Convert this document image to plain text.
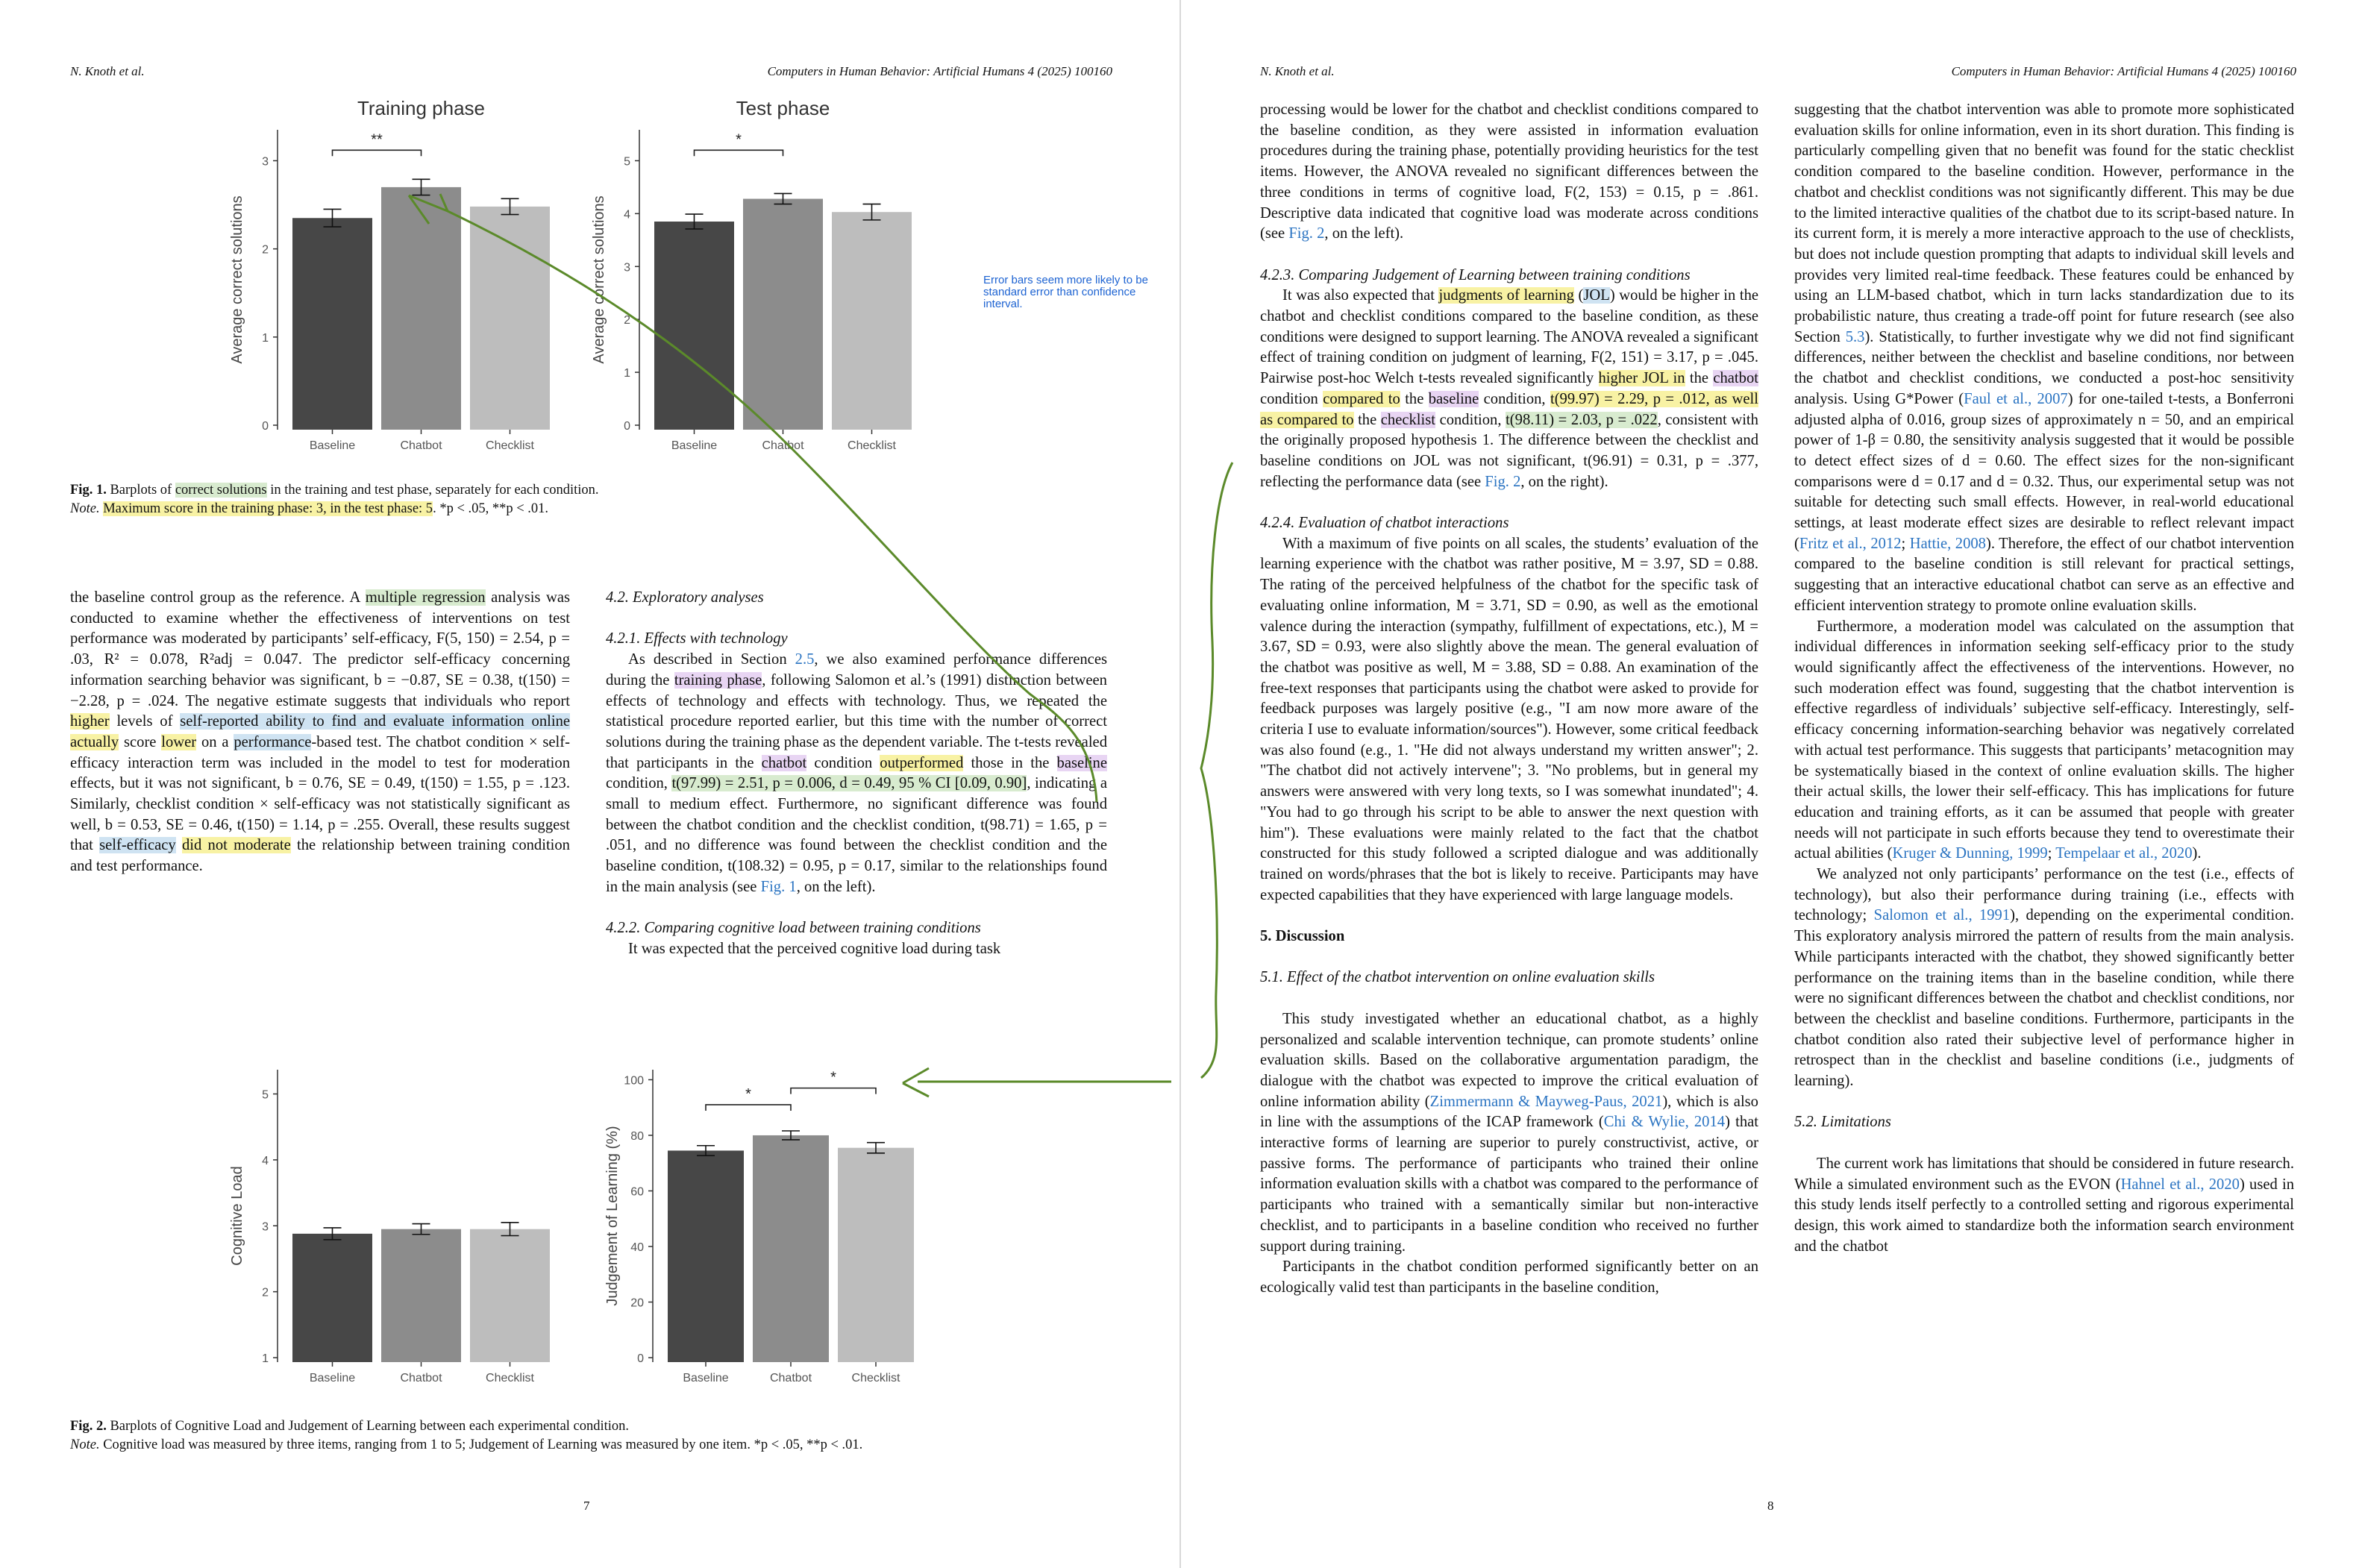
N. Knoth et al.	Computers in Human Behavior: Artificial Humans 4 (2025) 100160
Training phase
Average correct solutions
0
1
2
3
Baseline	Chatbot	Checklist
**
Test phase
Average correct solutions
0
1
2
3
4
5
Baseline	Chatbot	Checklist
*
Cognitive Load
1
2
3
4
5
Baseline	Chatbot	Checklist
Judgement of Learning (%)
0
20
40
60
80
100
Baseline	Chatbot	Checklist
*
*
Error bars seem more likely to be standard error than confidence interval.
Fig. 1. Barplots of correct solutions in the training and test phase, separately for each condition.
Note. Maximum score in the training phase: 3, in the test phase: 5. *p < .05, **p < .01.

the baseline control group as the reference. A multiple regression analysis was conducted to examine whether the effectiveness of interventions on test performance was moderated by participants’ self-efficacy, F(5, 150) = 2.54, p = .03, R² = 0.078, R²adj = 0.047. The predictor self-efficacy concerning information searching behavior was significant, b = −0.87, SE = 0.38, t(150) = −2.28, p = .024. The negative estimate suggests that individuals who report higher levels of self-reported ability to find and evaluate information online actually score lower on a performance-based test. The chatbot condition × self-efficacy interaction term was included in the model to test for moderation effects, but it was not significant, b = 0.76, SE = 0.49, t(150) = 1.55, p = .123. Similarly, checklist condition × self-efficacy was not statistically significant as well, b = 0.53, SE = 0.46, t(150) = 1.14, p = .255. Overall, these results suggest that self-efficacy did not moderate the relationship between training condition and test performance.

4.2. Exploratory analyses

4.2.1. Effects with technology

As described in Section 2.5, we also examined performance differences during the training phase, following Salomon et al.’s (1991) distinction between effects of technology and effects with technology. Thus, we repeated the statistical procedure reported earlier, but this time with the number of correct solutions during the training phase as the dependent variable. The t-tests revealed that participants in the chatbot condition outperformed those in the baseline condition, t(97.99) = 2.51, p = 0.006, d = 0.49, 95 % CI [0.09, 0.90], indicating a small to medium effect. Furthermore, no significant difference was found between the chatbot condition and the checklist condition, t(98.71) = 1.65, p = .051, and no difference was found between the checklist condition and the baseline condition, t(108.32) = 0.95, p = 0.17, similar to the relationships found in the main analysis (see Fig. 1, on the left).

4.2.2. Comparing cognitive load between training conditions

It was expected that the perceived cognitive load during task

Fig. 2. Barplots of Cognitive Load and Judgement of Learning between each experimental condition.
Note. Cognitive load was measured by three items, ranging from 1 to 5; Judgement of Learning was measured by one item. *p < .05, **p < .01.
7
N. Knoth et al.	Computers in Human Behavior: Artificial Humans 4 (2025) 100160

processing would be lower for the chatbot and checklist conditions compared to the baseline condition, as they were assisted in information evaluation procedures during the training phase, potentially providing heuristics for the test items. However, the ANOVA revealed no significant differences between the three conditions in terms of cognitive load, F(2, 153) = 0.15, p = .861. Descriptive data indicated that cognitive load was moderate across conditions (see Fig. 2, on the left).

4.2.3. Comparing Judgement of Learning between training conditions

It was also expected that judgments of learning (JOL) would be higher in the chatbot and checklist conditions compared to the baseline condition, as these conditions were designed to support learning. The ANOVA revealed a significant effect of training condition on judgment of learning, F(2, 151) = 3.17, p = .045. Pairwise post-hoc Welch t-tests revealed significantly higher JOL in the chatbot condition compared to the baseline condition, t(99.97) = 2.29, p = .012, as well as compared to the checklist condition, t(98.11) = 2.03, p = .022, consistent with the originally proposed hypothesis 1. The difference between the checklist and baseline conditions on JOL was not significant, t(96.91) = 0.31, p = .377, reflecting the performance data (see Fig. 2, on the right).

4.2.4. Evaluation of chatbot interactions

With a maximum of five points on all scales, the students’ evaluation of the learning experience with the chatbot was rather positive, M = 3.97, SD = 0.88. The rating of the perceived helpfulness of the chatbot for the specific task of evaluating online information, M = 3.71, SD = 0.90, as well as the emotional valence during the interaction (sympathy, fulfillment of expectations, etc.), M = 3.67, SD = 0.93, were also slightly above the mean. The general evaluation of the chatbot was positive as well, M = 3.88, SD = 0.88. An examination of the free-text responses that participants using the chatbot were asked to provide for feedback purposes was largely positive (e.g., "I am now more aware of the criteria I use to evaluate information/sources"). However, some critical feedback was also found (e.g., 1. "He did not always understand my written answer"; 2. "The chatbot did not actively intervene"; 3. "No problems, but in general my answers were answered with very long texts, so I was somewhat inundated"; 4. "You had to go through his script to be able to answer the next question with him"). These evaluations were mainly related to the fact that the chatbot constructed for this study followed a scripted dialogue and was additionally trained on words/phrases that the bot is likely to receive. Participants may have expected capabilities that they have experienced with large language models.

5. Discussion

5.1. Effect of the chatbot intervention on online evaluation skills

This study investigated whether an educational chatbot, as a highly personalized and scalable intervention technique, can promote students’ online evaluation skills. Based on the collaborative argumentation paradigm, the dialogue with the chatbot was expected to improve the critical evaluation of online information ability (Zimmermann & Mayweg-Paus, 2021), which is also in line with the assumptions of the ICAP framework (Chi & Wylie, 2014) that interactive forms of learning are superior to purely constructivist, active, or passive forms. The performance of participants who trained their online information evaluation skills with a chatbot was compared to the performance of participants who trained with a semantically similar but non-interactive checklist, and to participants in a baseline condition who received no further support during training.

Participants in the chatbot condition performed significantly better on an ecologically valid test than participants in the baseline condition,

suggesting that the chatbot intervention was able to promote more sophisticated evaluation skills for online information, even in its short duration. This finding is particularly compelling given that no benefit was found for the static checklist condition compared to the baseline condition. However, performance in the chatbot and checklist conditions was not significantly different. This may be due to the limited interactive qualities of the chatbot due to its script-based nature. In its current form, it is merely a more interactive approach to the use of checklists, but does not include question prompting that adapts to individual skill levels and provides very limited real-time feedback. These features could be enhanced by using an LLM-based chatbot, which in turn lacks standardization due to its probabilistic nature, thus creating a trade-off point for future research (see also Section 5.3). Statistically, to further investigate why we did not find significant differences, neither between the checklist and baseline conditions, nor between the chatbot and checklist conditions, we conducted a post-hoc sensitivity analysis. Using G*Power (Faul et al., 2007) for one-tailed t-tests, a Bonferroni adjusted alpha of 0.016, group sizes of approximately n = 50, and an empirical power of 1-β = 0.80, the sensitivity analysis suggested that it would be possible to detect effect sizes of d = 0.60. The effect sizes for the non-significant comparisons were d = 0.17 and d = 0.32. Thus, our experimental setup was not suitable for detecting such small effects. However, in real-world educational settings, at least moderate effect sizes are desirable to reflect relevant impact (Fritz et al., 2012; Hattie, 2008). Therefore, the effect of our chatbot intervention compared to the baseline condition is still relevant for practical settings, suggesting that an interactive educational chatbot can serve as an effective and efficient intervention strategy to promote online evaluation skills.

Furthermore, a moderation model was calculated on the assumption that individual differences in information seeking self-efficacy prior to the study would significantly affect the effectiveness of the interventions. However, no such moderation effect was found, suggesting that the chatbot intervention is effective regardless of individuals’ subjective self-efficacy. Interestingly, self-efficacy concerning information-searching behavior was negatively correlated with actual test performance. This suggests that participants’ metacognition may be systematically biased in the context of online evaluation skills. The higher their actual skills, the lower their self-efficacy. This has implications for future education and training efforts, as it can be assumed that people with greater needs will not participate in such efforts because they tend to overestimate their actual abilities (Kruger & Dunning, 1999; Tempelaar et al., 2020).

We analyzed not only participants’ performance on the test (i.e., effects of technology), but also their performance during training (i.e., effects with technology; Salomon et al., 1991), depending on the experimental condition. This exploratory analysis mirrored the pattern of results from the main analysis. While participants interacted with the chatbot, they showed significantly better performance on the training items than in the baseline condition, while there were no significant differences between the chatbot and checklist conditions, nor between the checklist and baseline conditions. Furthermore, participants in the chatbot condition also rated their subjective level of performance higher in retrospect than in the checklist and baseline conditions (i.e., judgments of learning).

5.2. Limitations

The current work has limitations that should be considered in future research. While a simulated environment such as the EVON (Hahnel et al., 2020) used in this study lends itself perfectly to a controlled setting and rigorous experimental design, this work aimed to standardize both the information search environment and the chatbot

8
